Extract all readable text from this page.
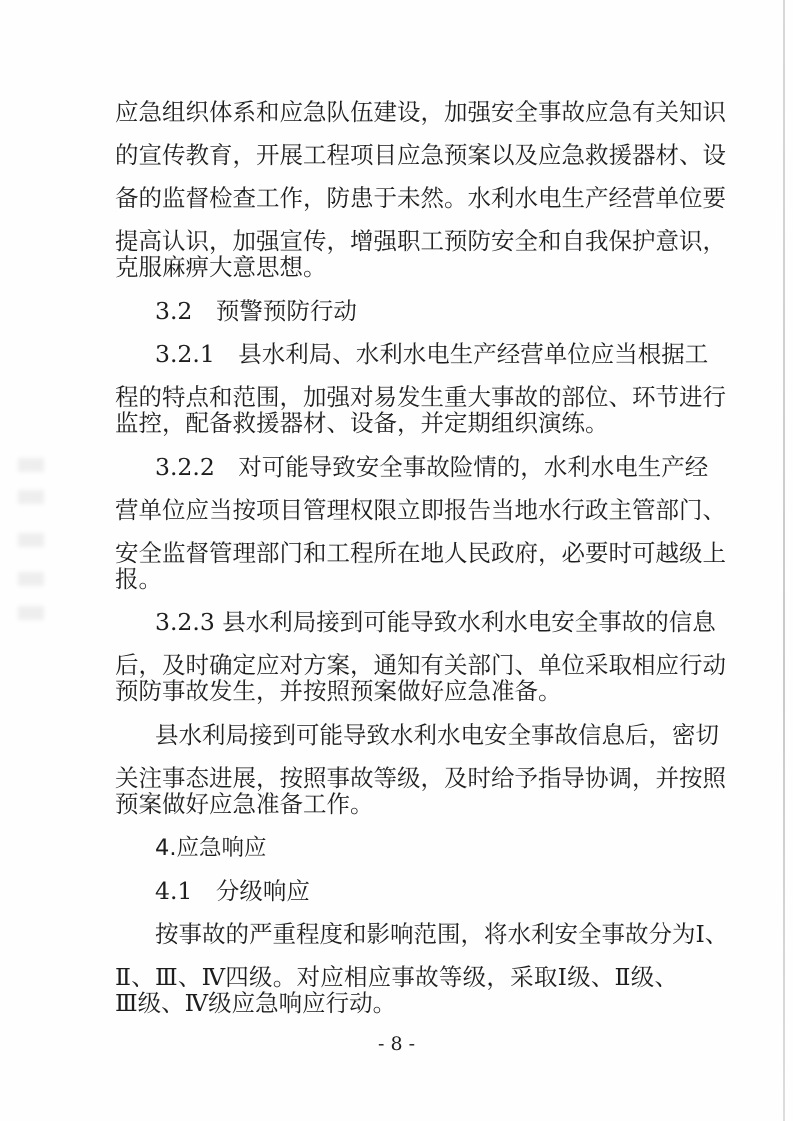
应急组织体系和应急队伍建设，加强安全事故应急有关知识
的宣传教育，开展工程项目应急预案以及应急救援器材、设
备的监督检查工作，防患于未然。水利水电生产经营单位要
提高认识，加强宣传，增强职工预防安全和自我保护意识，
克服麻痹大意思想。
3.2　预警预防行动
3.2.1　县水利局、水利水电生产经营单位应当根据工
程的特点和范围，加强对易发生重大事故的部位、环节进行
监控，配备救援器材、设备，并定期组织演练。
3.2.2　对可能导致安全事故险情的，水利水电生产经
营单位应当按项目管理权限立即报告当地水行政主管部门、
安全监督管理部门和工程所在地人民政府，必要时可越级上
报。
3.2.3 县水利局接到可能导致水利水电安全事故的信息
后，及时确定应对方案，通知有关部门、单位采取相应行动
预防事故发生，并按照预案做好应急准备。
县水利局接到可能导致水利水电安全事故信息后，密切
关注事态进展，按照事故等级，及时给予指导协调，并按照
预案做好应急准备工作。
4.应急响应
4.1　分级响应
按事故的严重程度和影响范围，将水利安全事故分为Ⅰ、
Ⅱ、Ⅲ、Ⅳ四级。对应相应事故等级，采取Ⅰ级、Ⅱ级、
Ⅲ级、Ⅳ级应急响应行动。
- 8 -
